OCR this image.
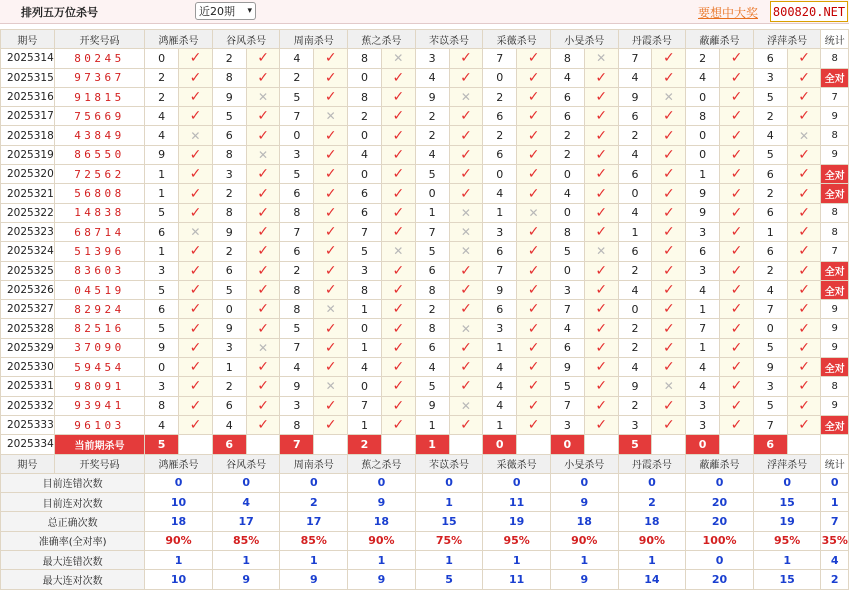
排列五万位杀号	近20期 ▾	要想中大奖 800820.NET
期号	开奖号码	鸿雁杀号		谷风杀号		周南杀号		蕉之杀号		芣苡杀号		采薇杀号		小旻杀号		丹霞杀号		蔽蘺杀号		浮萍杀号		统计
2025314	80245	0	✓	2	✓	4	✓	8	✕	3	✓	7	✓	8	✕	7	✓	2	✓	6	✓	8
2025315	97367	2	✓	8	✓	2	✓	0	✓	4	✓	0	✓	4	✓	4	✓	4	✓	3	✓	全对
2025316	91815	2	✓	9	✕	5	✓	8	✓	9	✕	2	✓	6	✓	9	✕	0	✓	5	✓	7
2025317	75669	4	✓	5	✓	7	✕	2	✓	2	✓	6	✓	6	✓	6	✓	8	✓	2	✓	9
2025318	43849	4	✕	6	✓	0	✓	0	✓	2	✓	2	✓	2	✓	2	✓	0	✓	4	✕	8
2025319	86550	9	✓	8	✕	3	✓	4	✓	4	✓	6	✓	2	✓	4	✓	0	✓	5	✓	9
2025320	72562	1	✓	3	✓	5	✓	0	✓	5	✓	0	✓	0	✓	6	✓	1	✓	6	✓	全对
2025321	56808	1	✓	2	✓	6	✓	6	✓	0	✓	4	✓	4	✓	0	✓	9	✓	2	✓	全对
2025322	14838	5	✓	8	✓	8	✓	6	✓	1	✕	1	✕	0	✓	4	✓	9	✓	6	✓	8
2025323	68714	6	✕	9	✓	7	✓	7	✓	7	✕	3	✓	8	✓	1	✓	3	✓	1	✓	8
2025324	51396	1	✓	2	✓	6	✓	5	✕	5	✕	6	✓	5	✕	6	✓	6	✓	6	✓	7
2025325	83603	3	✓	6	✓	2	✓	3	✓	6	✓	7	✓	0	✓	2	✓	3	✓	2	✓	全对
2025326	04519	5	✓	5	✓	8	✓	8	✓	8	✓	9	✓	3	✓	4	✓	4	✓	4	✓	全对
2025327	82924	6	✓	0	✓	8	✕	1	✓	2	✓	6	✓	7	✓	0	✓	1	✓	7	✓	9
2025328	82516	5	✓	9	✓	5	✓	0	✓	8	✕	3	✓	4	✓	2	✓	7	✓	0	✓	9
2025329	37090	9	✓	3	✕	7	✓	1	✓	6	✓	1	✓	6	✓	2	✓	1	✓	5	✓	9
2025330	59454	0	✓	1	✓	4	✓	4	✓	4	✓	4	✓	9	✓	4	✓	4	✓	9	✓	全对
2025331	98091	3	✓	2	✓	9	✕	0	✓	5	✓	4	✓	5	✓	9	✕	4	✓	3	✓	8
2025332	93941	8	✓	6	✓	3	✓	7	✓	9	✕	4	✓	7	✓	2	✓	3	✓	5	✓	9
2025333	96103	4	✓	4	✓	8	✓	1	✓	1	✓	1	✓	3	✓	3	✓	3	✓	7	✓	全对
2025334	当前期杀号	5		6		7		2		1		0		0		5		0		6		
期号	开奖号码	鸿雁杀号		谷风杀号		周南杀号		蕉之杀号		芣苡杀号		采薇杀号		小旻杀号		丹霞杀号		蔽蘺杀号		浮萍杀号		统计
目前连错次数		0		0		0		0		0		0		0		0		0		0		0
目前连对次数		10		4		2		9		1		11		9		2		20		15		1
总正确次数		18		17		17		18		15		19		18		18		20		19		7
准确率(全对率)		90%		85%		85%		90%		75%		95%		90%		90%		100%		95%		35%
最大连错次数		1		1		1		1		1		1		1		1		0		1		4
最大连对次数		10		9		9		9		5		11		9		14		20		15		2
